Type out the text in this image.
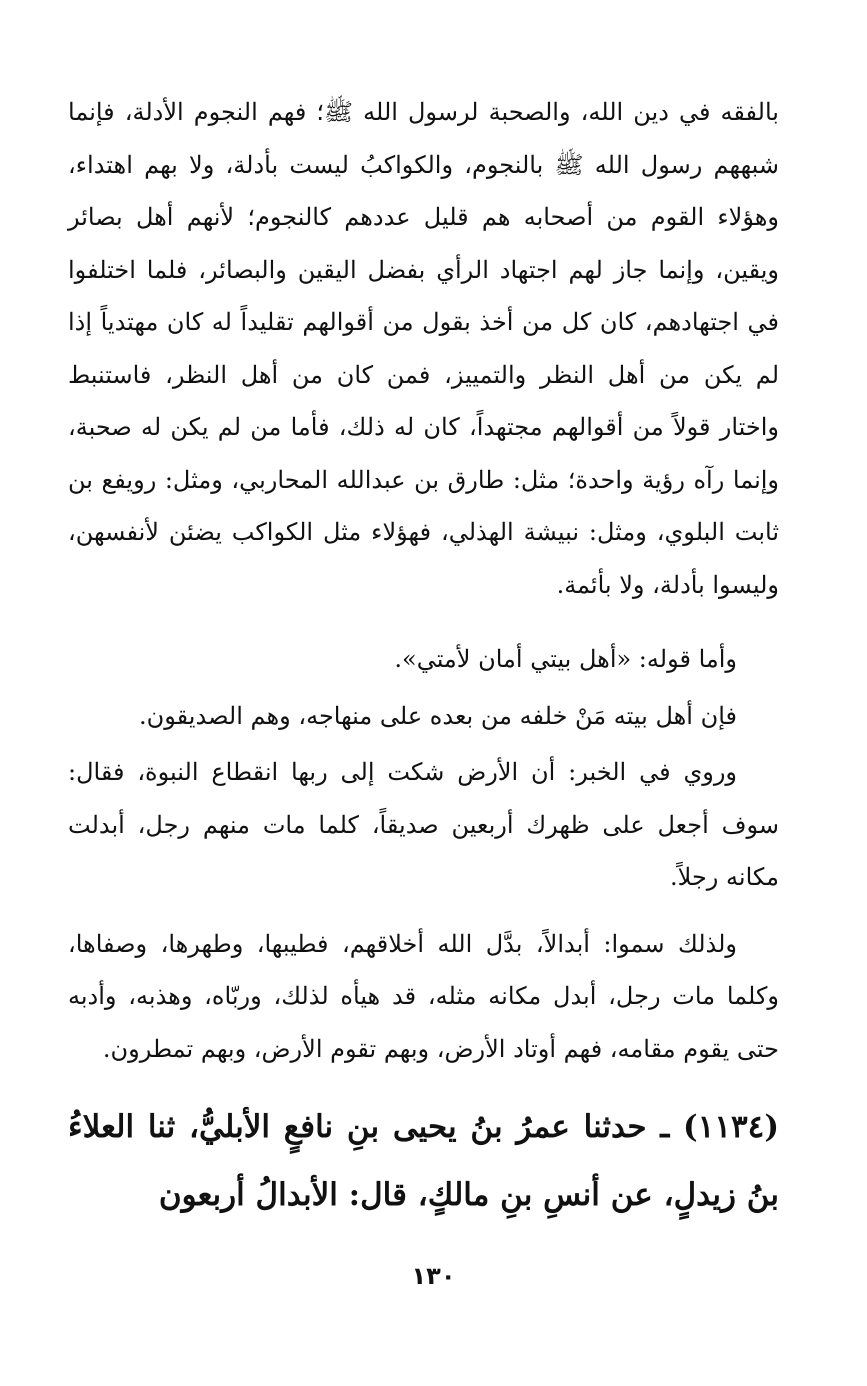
بالفقه في دين الله، والصحبة لرسول الله ﷺ؛ فهم النجوم الأدلة، فإنما شبههم رسول الله ﷺ بالنجوم، والكواكبُ ليست بأدلة، ولا بهم اهتداء، وهؤلاء القوم من أصحابه هم قليل عددهم كالنجوم؛ لأنهم أهل بصائر ويقين، وإنما جاز لهم اجتهاد الرأي بفضل اليقين والبصائر، فلما اختلفوا في اجتهادهم، كان كل من أخذ بقول من أقوالهم تقليداً له كان مهتدياً إذا لم يكن من أهل النظر والتمييز، فمن كان من أهل النظر، فاستنبط واختار قولاً من أقوالهم مجتهداً، كان له ذلك، فأما من لم يكن له صحبة، وإنما رآه رؤية واحدة؛ مثل: طارق بن عبدالله المحاربي، ومثل: رويفع بن ثابت البلوي، ومثل: نبيشة الهذلي، فهؤلاء مثل الكواكب يضئن لأنفسهن، وليسوا بأدلة، ولا بأئمة.

وأما قوله: «أهل بيتي أمان لأمتي».

فإن أهل بيته مَنْ خلفه من بعده على منهاجه، وهم الصديقون.

وروي في الخبر: أن الأرض شكت إلى ربها انقطاع النبوة، فقال: سوف أجعل على ظهرك أربعين صديقاً، كلما مات منهم رجل، أبدلت مكانه رجلاً.

ولذلك سموا: أبدالاً، بدَّل الله أخلاقهم، فطيبها، وطهرها، وصفاها، وكلما مات رجل، أبدل مكانه مثله، قد هيأه لذلك، وربّاه، وهذبه، وأدبه حتى يقوم مقامه، فهم أوتاد الأرض، وبهم تقوم الأرض، وبهم تمطرون.

(١١٣٤) ـ حدثنا عمرُ بنُ يحيى بنِ نافعٍ الأبليُّ، ثنا العلاءُ بنُ زيدلٍ، عن أنسِ بنِ مالكٍ، قال: الأبدالُ أربعون

١٣٠
